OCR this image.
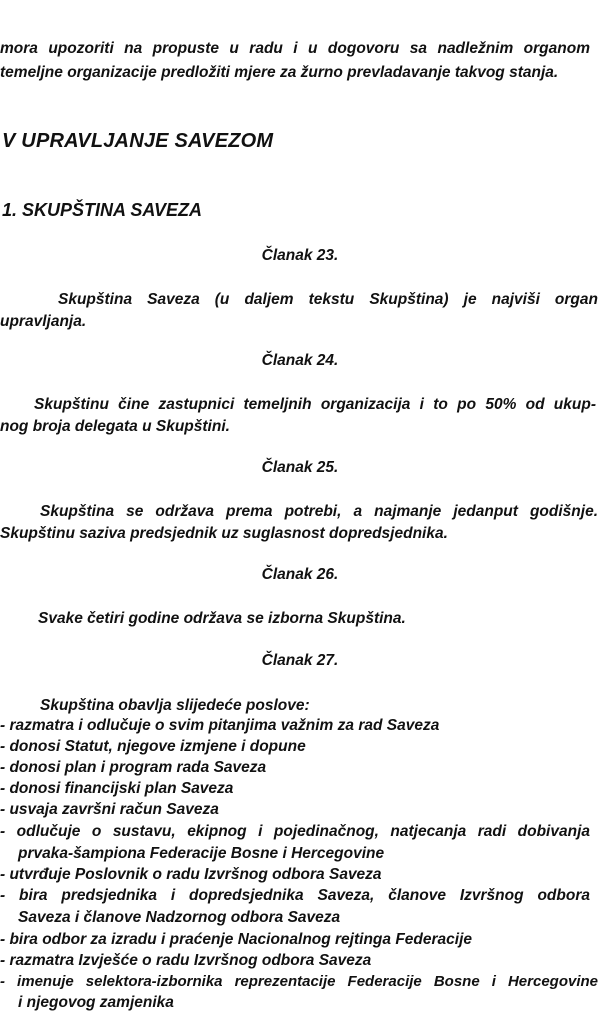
mora upozoriti na propuste u radu i u dogovoru sa nadležnim organom
temeljne organizacije predložiti mjere za žurno prevladavanje takvog stanja.
V UPRAVLJANJE SAVEZOM
1. SKUPŠTINA SAVEZA
Članak 23.
Skupština Saveza (u daljem tekstu Skupština) je najviši organ
upravljanja.
Članak 24.
Skupštinu čine zastupnici temeljnih organizacija i to po 50% od ukup-
nog broja delegata u Skupštini.
Članak 25.
Skupština se održava prema potrebi, a najmanje jedanput godišnje.
Skupštinu saziva predsjednik uz suglasnost dopredsjednika.
Članak 26.
Svake četiri godine održava se izborna Skupština.
Članak 27.
Skupština obavlja slijedeće poslove:
- razmatra i odlučuje o svim pitanjima važnim za rad Saveza
- donosi Statut, njegove izmjene i dopune
- donosi plan i program rada Saveza
- donosi financijski plan Saveza
- usvaja završni račun Saveza
- odlučuje o sustavu, ekipnog i pojedinačnog, natjecanja radi dobivanja
prvaka-šampiona Federacije Bosne i Hercegovine
- utvrđuje Poslovnik o radu Izvršnog odbora Saveza
- bira predsjednika i dopredsjednika Saveza, članove Izvršnog odbora
Saveza i članove Nadzornog odbora Saveza
- bira odbor za izradu i praćenje Nacionalnog rejtinga Federacije
- razmatra Izvješće o radu Izvršnog odbora Saveza
- imenuje selektora-izbornika reprezentacije Federacije Bosne i Hercegovine
i njegovog zamjenika
